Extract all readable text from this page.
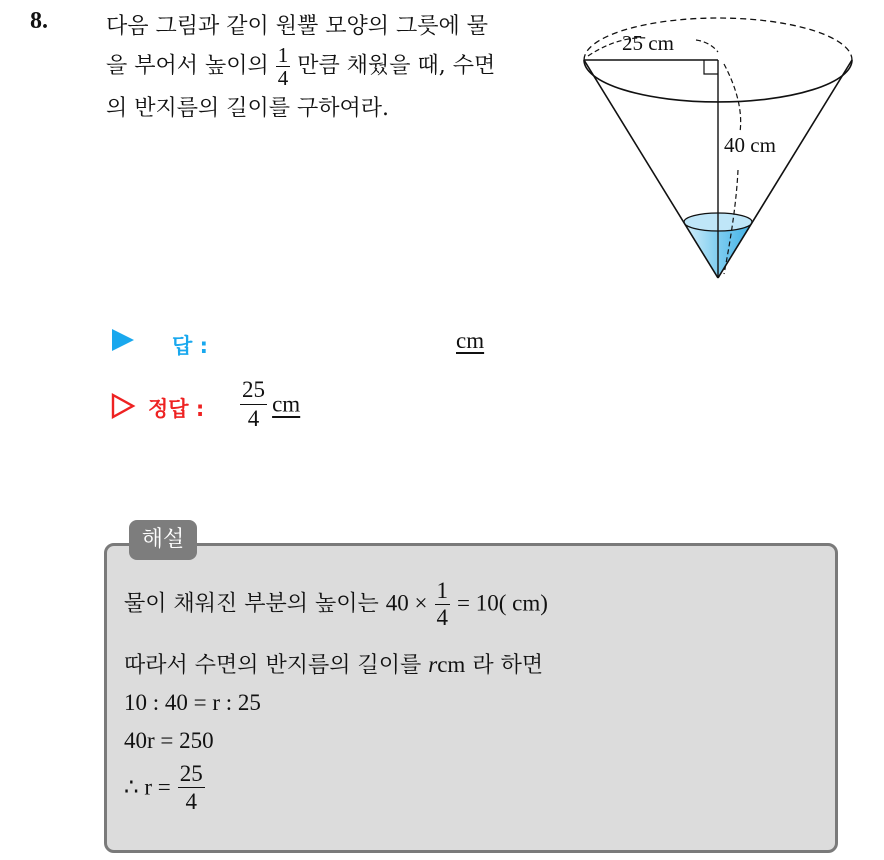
8.	다음 그림과 같이 원뿔 모양의 그릇에 물
을 부어서 높이의 $\frac{1}{4}$ 만큼 채웠을 때, 수면
의 반지름의 길이를 구하여라.
25 cm
40 cm
답 :	cm
정답 : $\frac{25}{4}$ cm
해설
물이 채워진 부분의 높이는 $40 \times \frac{1}{4} = 10$( cm)
따라서 수면의 반지름의 길이를 rcm 라 하면
10 : 40 = r : 25
40r = 250
∴ $r = \frac{25}{4}$
